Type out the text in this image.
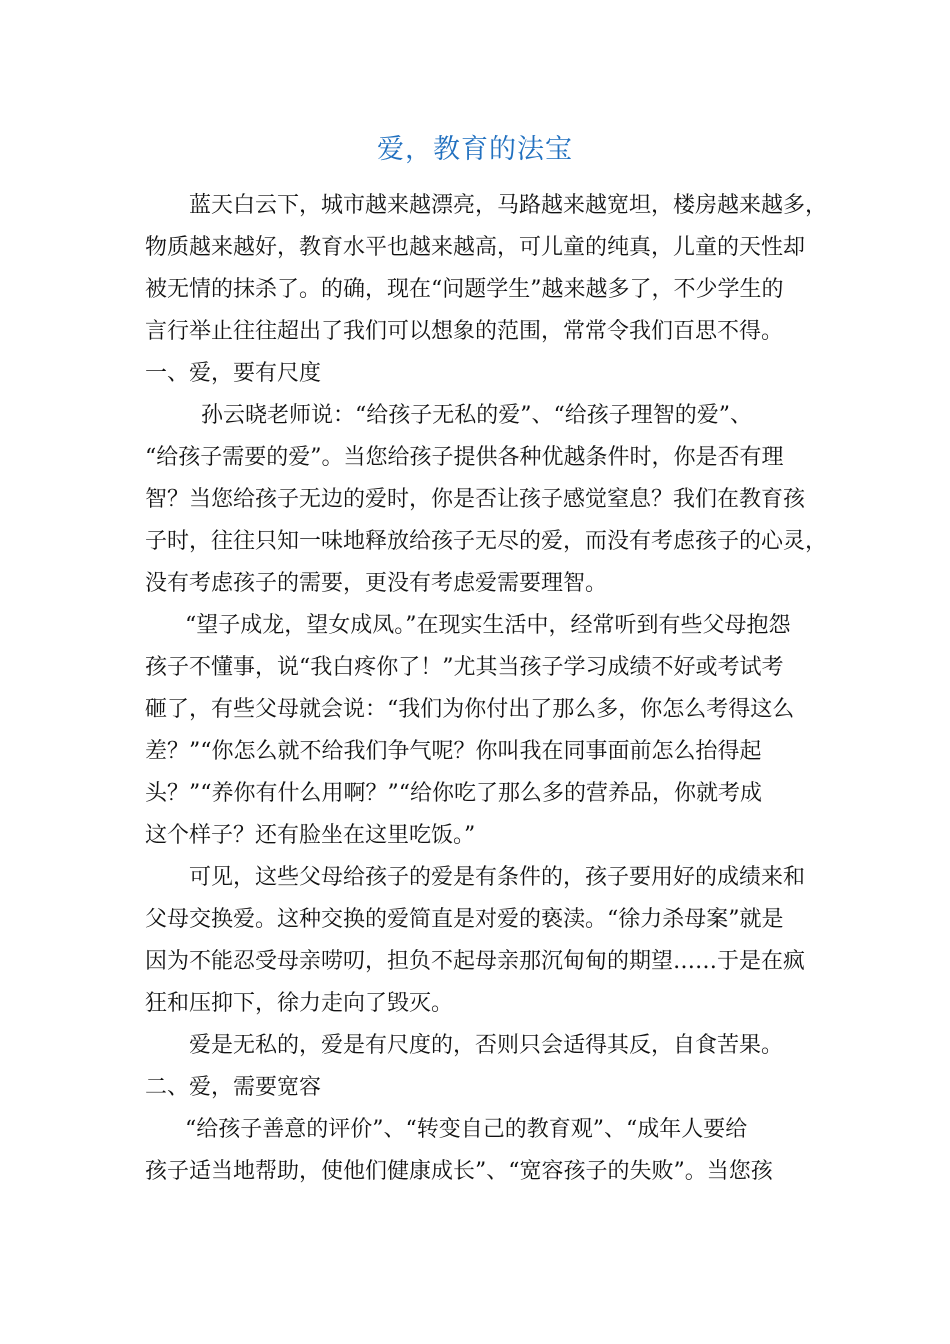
爱，教育的法宝
蓝天白云下，城市越来越漂亮，马路越来越宽坦，楼房越来越多，
物质越来越好，教育水平也越来越高，可儿童的纯真，儿童的天性却
被无情的抹杀了。的确，现在“问题学生”越来越多了，不少学生的
言行举止往往超出了我们可以想象的范围，常常令我们百思不得。
一、爱，要有尺度
孙云晓老师说：“给孩子无私的爱”、“给孩子理智的爱”、
“给孩子需要的爱”。当您给孩子提供各种优越条件时，你是否有理
智？当您给孩子无边的爱时，你是否让孩子感觉窒息？我们在教育孩
子时，往往只知一味地释放给孩子无尽的爱，而没有考虑孩子的心灵，
没有考虑孩子的需要，更没有考虑爱需要理智。
“望子成龙，望女成凤。”在现实生活中，经常听到有些父母抱怨
孩子不懂事，说“我白疼你了！”尤其当孩子学习成绩不好或考试考
砸了，有些父母就会说：“我们为你付出了那么多，你怎么考得这么
差？”“你怎么就不给我们争气呢？你叫我在同事面前怎么抬得起
头？”“养你有什么用啊？”“给你吃了那么多的营养品，你就考成
这个样子？还有脸坐在这里吃饭。”
可见，这些父母给孩子的爱是有条件的，孩子要用好的成绩来和
父母交换爱。这种交换的爱简直是对爱的亵渎。“徐力杀母案”就是
因为不能忍受母亲唠叨，担负不起母亲那沉甸甸的期望……于是在疯
狂和压抑下，徐力走向了毁灭。
爱是无私的，爱是有尺度的，否则只会适得其反，自食苦果。
二、爱，需要宽容
“给孩子善意的评价”、“转变自己的教育观”、“成年人要给
孩子适当地帮助，使他们健康成长”、“宽容孩子的失败”。当您孩
